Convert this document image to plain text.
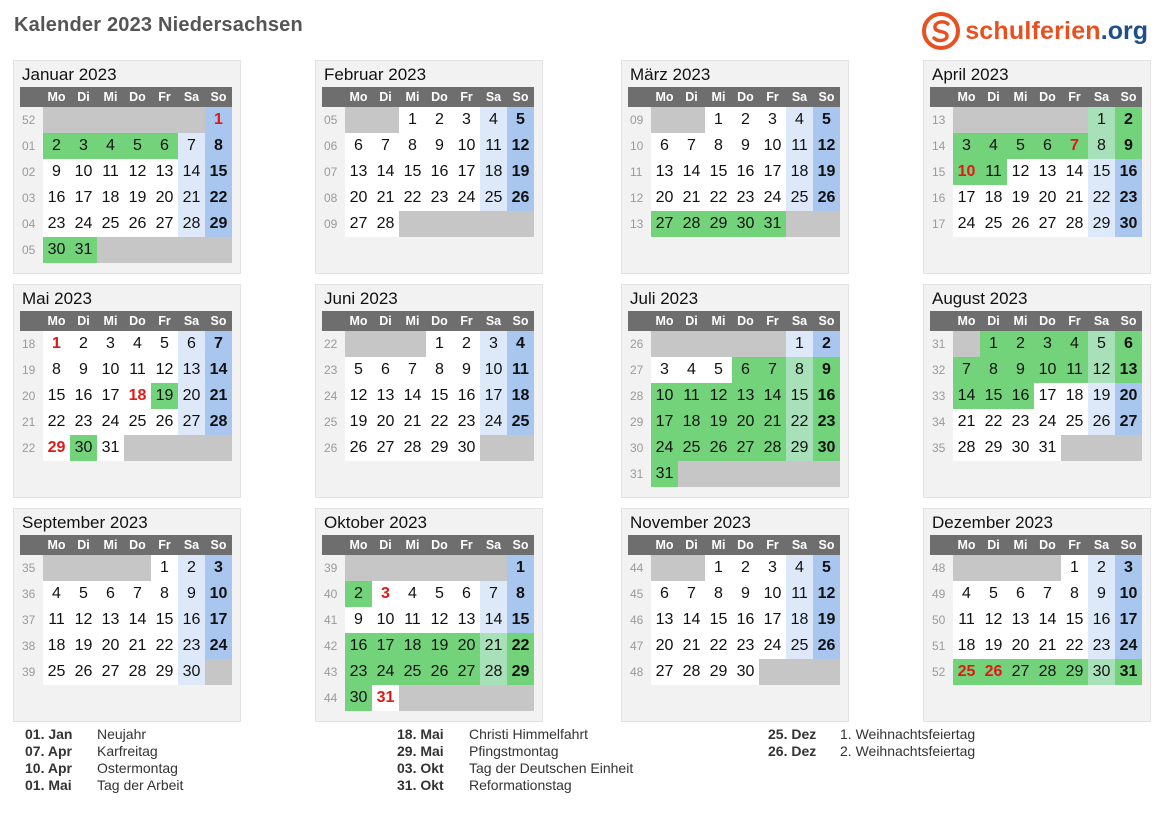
Kalender 2023 Niedersachsen	schulferien .org
Januar 2023
	Mo	Di	Mi	Do	Fr	Sa	So
52							1
01	2	3	4	5	6	7	8
02	9	10	11	12	13	14	15
03	16	17	18	19	20	21	22
04	23	24	25	26	27	28	29
05	30	31					
Februar 2023
	Mo	Di	Mi	Do	Fr	Sa	So
05			1	2	3	4	5
06	6	7	8	9	10	11	12
07	13	14	15	16	17	18	19
08	20	21	22	23	24	25	26
09	27	28					
März 2023
	Mo	Di	Mi	Do	Fr	Sa	So
09			1	2	3	4	5
10	6	7	8	9	10	11	12
11	13	14	15	16	17	18	19
12	20	21	22	23	24	25	26
13	27	28	29	30	31		
April 2023
	Mo	Di	Mi	Do	Fr	Sa	So
13						1	2
14	3	4	5	6	7	8	9
15	10	11	12	13	14	15	16
16	17	18	19	20	21	22	23
17	24	25	26	27	28	29	30
Mai 2023
	Mo	Di	Mi	Do	Fr	Sa	So
18	1	2	3	4	5	6	7
19	8	9	10	11	12	13	14
20	15	16	17	18	19	20	21
21	22	23	24	25	26	27	28
22	29	30	31				
Juni 2023
	Mo	Di	Mi	Do	Fr	Sa	So
22				1	2	3	4
23	5	6	7	8	9	10	11
24	12	13	14	15	16	17	18
25	19	20	21	22	23	24	25
26	26	27	28	29	30		
Juli 2023
	Mo	Di	Mi	Do	Fr	Sa	So
26						1	2
27	3	4	5	6	7	8	9
28	10	11	12	13	14	15	16
29	17	18	19	20	21	22	23
30	24	25	26	27	28	29	30
31	31						
August 2023
	Mo	Di	Mi	Do	Fr	Sa	So
31		1	2	3	4	5	6
32	7	8	9	10	11	12	13
33	14	15	16	17	18	19	20
34	21	22	23	24	25	26	27
35	28	29	30	31			
September 2023
	Mo	Di	Mi	Do	Fr	Sa	So
35					1	2	3
36	4	5	6	7	8	9	10
37	11	12	13	14	15	16	17
38	18	19	20	21	22	23	24
39	25	26	27	28	29	30	
Oktober 2023
	Mo	Di	Mi	Do	Fr	Sa	So
39							1
40	2	3	4	5	6	7	8
41	9	10	11	12	13	14	15
42	16	17	18	19	20	21	22
43	23	24	25	26	27	28	29
44	30	31					
November 2023
	Mo	Di	Mi	Do	Fr	Sa	So
44			1	2	3	4	5
45	6	7	8	9	10	11	12
46	13	14	15	16	17	18	19
47	20	21	22	23	24	25	26
48	27	28	29	30			
Dezember 2023
	Mo	Di	Mi	Do	Fr	Sa	So
48					1	2	3
49	4	5	6	7	8	9	10
50	11	12	13	14	15	16	17
51	18	19	20	21	22	23	24
52	25	26	27	28	29	30	31
01. Jan Neujahr
07. Apr Karfreitag
10. Apr Ostermontag
01. Mai Tag der Arbeit
18. Mai Christi Himmelfahrt
29. Mai Pfingstmontag
03. Okt Tag der Deutschen Einheit
31. Okt Reformationstag
25. Dez 1. Weihnachtsfeiertag
26. Dez 2. Weihnachtsfeiertag
